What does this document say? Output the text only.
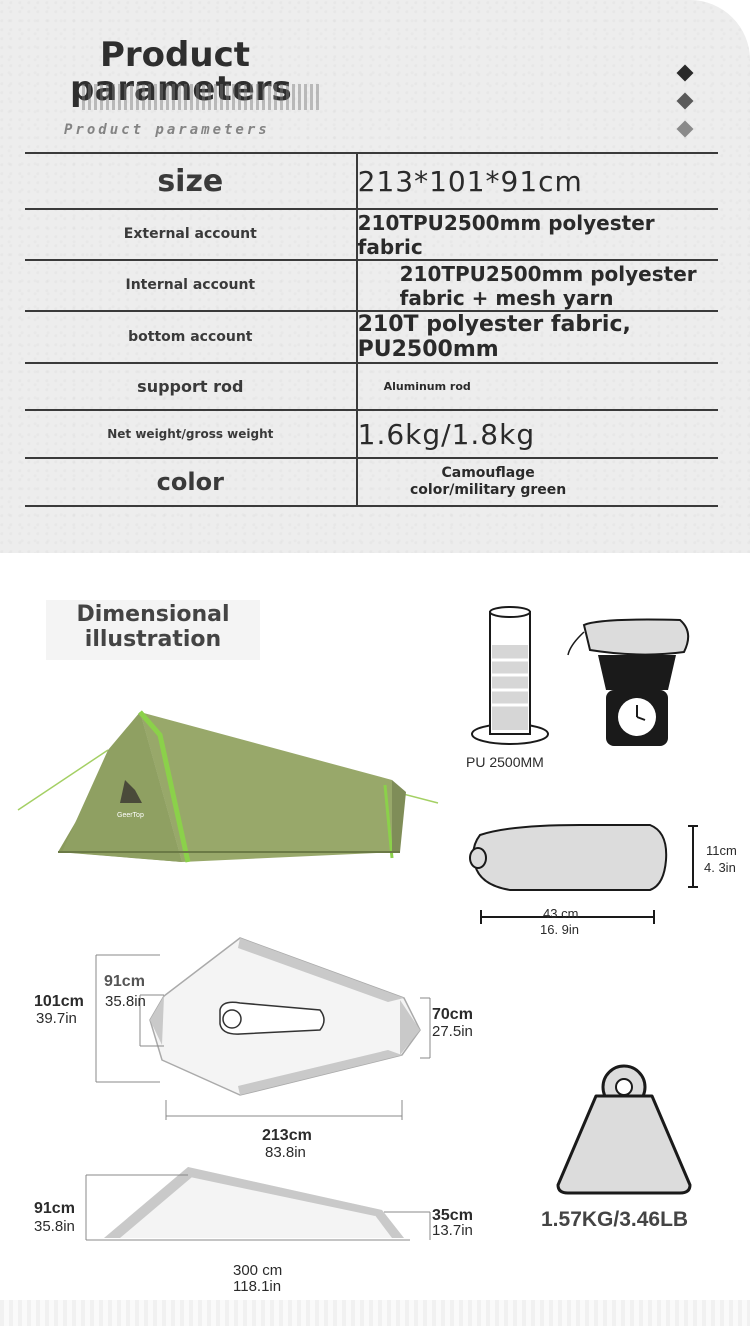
Product parameters
Product parameters
size	213*101*91cm
External account	210TPU2500mm polyester fabric
Internal account	210TPU2500mm polyester fabric + mesh yarn
bottom account	210T polyester fabric, PU2500mm
support rod	Aluminum rod
Net weight/gross weight	1.6kg/1.8kg
color	Camouflage color/military green
Dimensional illustration
GeerTop
PU 2500MM
11cm
4. 3in
43 cm
16. 9in
101cm
39.7in
91cm
35.8in
70cm
27.5in
213cm
83.8in
91cm
35.8in
35cm
13.7in
300 cm
118.1in
1.57KG/3.46LB
